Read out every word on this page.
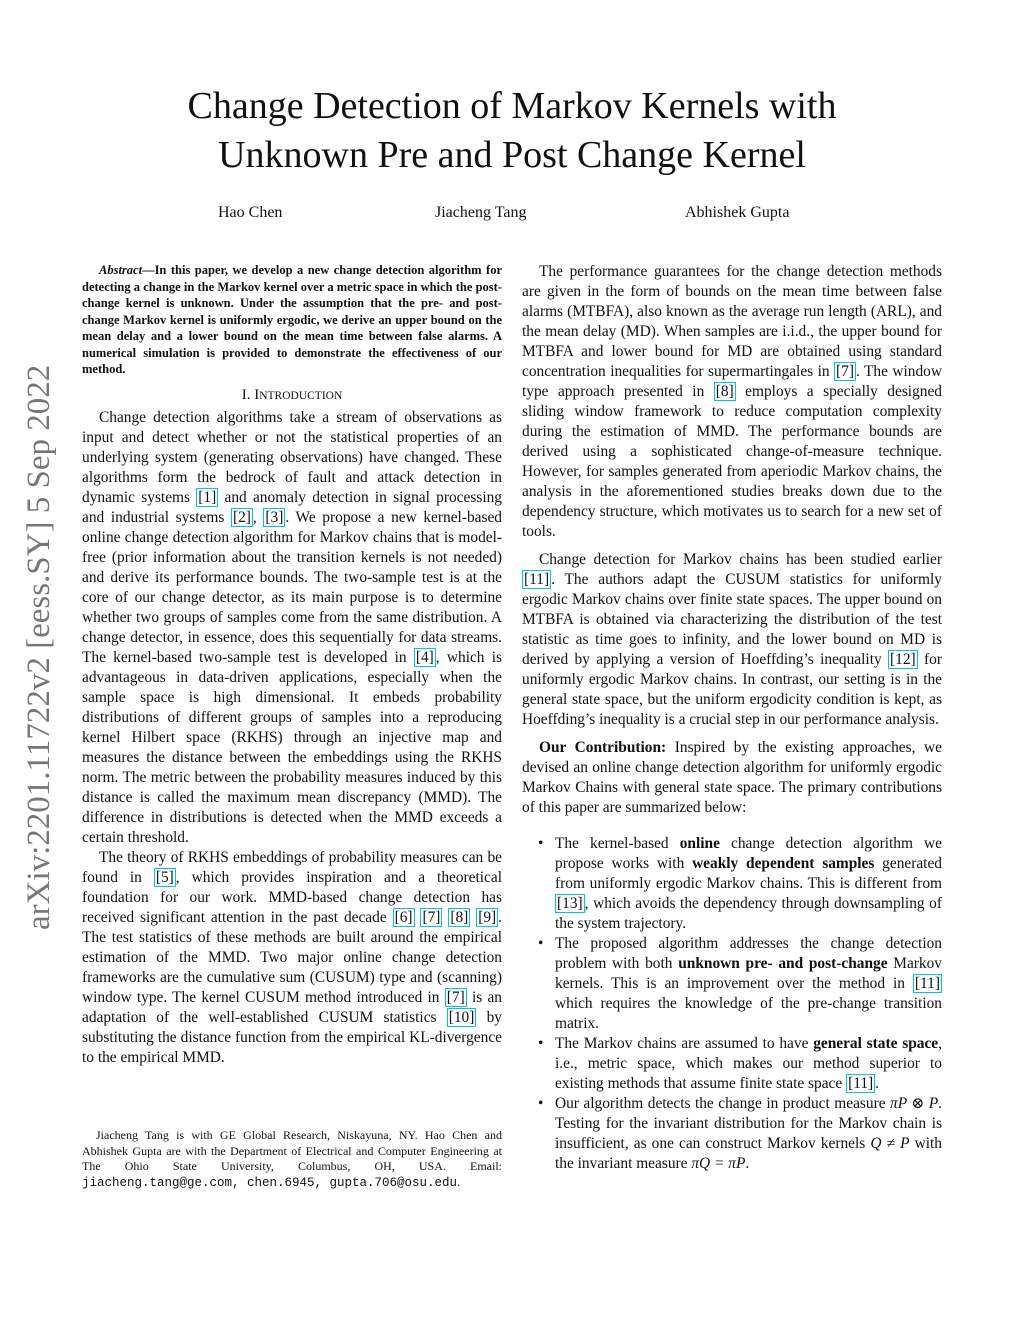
arXiv:2201.11722v2 [eess.SY] 5 Sep 2022
Change Detection of Markov Kernels with Unknown Pre and Post Change Kernel
Hao Chen	Jiacheng Tang	Abhishek Gupta

Abstract—In this paper, we develop a new change detection algorithm for detecting a change in the Markov kernel over a metric space in which the post-change kernel is unknown. Under the assumption that the pre- and post-change Markov kernel is uniformly ergodic, we derive an upper bound on the mean delay and a lower bound on the mean time between false alarms. A numerical simulation is provided to demonstrate the effectiveness of our method.

I. INTRODUCTION

Change detection algorithms take a stream of observations as input and detect whether or not the statistical properties of an underlying system (generating observations) have changed. These algorithms form the bedrock of fault and attack detection in dynamic systems [1] and anomaly detection in signal processing and industrial systems [2] , [3] . We propose a new kernel-based online change detection algorithm for Markov chains that is model-free (prior information about the transition kernels is not needed) and derive its performance bounds. The two-sample test is at the core of our change detector, as its main purpose is to determine whether two groups of samples come from the same distribution. A change detector, in essence, does this sequentially for data streams. The kernel-based two-sample test is developed in [4] , which is advantageous in data-driven applications, especially when the sample space is high dimensional. It embeds probability distributions of different groups of samples into a reproducing kernel Hilbert space (RKHS) through an injective map and measures the distance between the embeddings using the RKHS norm. The metric between the probability measures induced by this distance is called the maximum mean discrepancy (MMD). The difference in distributions is detected when the MMD exceeds a certain threshold.

The theory of RKHS embeddings of probability measures can be found in [5] , which provides inspiration and a theoretical foundation for our work. MMD-based change detection has received significant attention in the past decade [6] [7] [8] [9] . The test statistics of these methods are built around the empirical estimation of the MMD. Two major online change detection frameworks are the cumulative sum (CUSUM) type and (scanning) window type. The kernel CUSUM method introduced in [7] is an adaptation of the well-established CUSUM statistics [10] by substituting the distance function from the empirical KL-divergence to the empirical MMD.

Jiacheng Tang is with GE Global Research, Niskayuna, NY. Hao Chen and Abhishek Gupta are with the Department of Electrical and Computer Engineering at The Ohio State University, Columbus, OH, USA. Email: jiacheng.tang@ge.com, chen.6945, gupta.706@osu.edu.

The performance guarantees for the change detection methods are given in the form of bounds on the mean time between false alarms (MTBFA), also known as the average run length (ARL), and the mean delay (MD). When samples are i.i.d., the upper bound for MTBFA and lower bound for MD are obtained using standard concentration inequalities for supermartingales in [7] . The window type approach presented in [8] employs a specially designed sliding window framework to reduce computation complexity during the estimation of MMD. The performance bounds are derived using a sophisticated change-of-measure technique. However, for samples generated from aperiodic Markov chains, the analysis in the aforementioned studies breaks down due to the dependency structure, which motivates us to search for a new set of tools.

Change detection for Markov chains has been studied earlier [11] . The authors adapt the CUSUM statistics for uniformly ergodic Markov chains over finite state spaces. The upper bound on MTBFA is obtained via characterizing the distribution of the test statistic as time goes to infinity, and the lower bound on MD is derived by applying a version of Hoeffding’s inequality [12] for uniformly ergodic Markov chains. In contrast, our setting is in the general state space, but the uniform ergodicity condition is kept, as Hoeffding’s inequality is a crucial step in our performance analysis.

Our Contribution: Inspired by the existing approaches, we devised an online change detection algorithm for uniformly ergodic Markov Chains with general state space. The primary contributions of this paper are summarized below:

• The kernel-based online change detection algorithm we propose works with weakly dependent samples generated from uniformly ergodic Markov chains. This is different from [13] , which avoids the dependency through downsampling of the system trajectory.
• The proposed algorithm addresses the change detection problem with both unknown pre- and post-change Markov kernels. This is an improvement over the method in [11] which requires the knowledge of the pre-change transition matrix.
• The Markov chains are assumed to have general state space, i.e., metric space, which makes our method superior to existing methods that assume finite state space [11] .
• Our algorithm detects the change in product measure πP ⊗ P. Testing for the invariant distribution for the Markov chain is insufficient, as one can construct Markov kernels Q ≠ P with the invariant measure πQ = πP.
